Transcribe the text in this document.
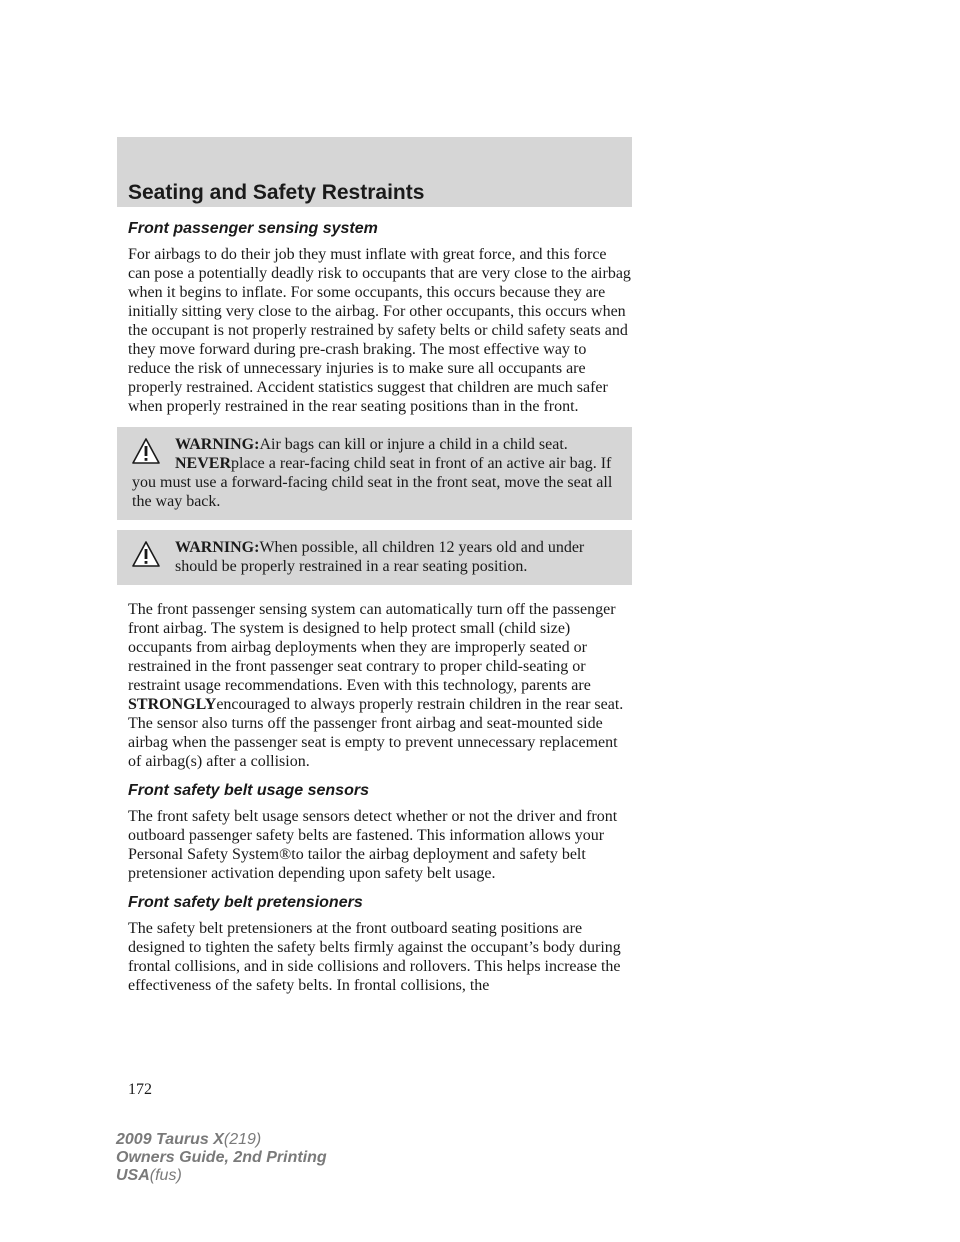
Seating and Safety Restraints
Front passenger sensing system

For airbags to do their job they must inflate with great force, and this force can pose a potentially deadly risk to occupants that are very close to the airbag when it begins to inflate. For some occupants, this occurs because they are initially sitting very close to the airbag. For other occupants, this occurs when the occupant is not properly restrained by safety belts or child safety seats and they move forward during pre-crash braking. The most effective way to reduce the risk of unnecessary injuries is to make sure all occupants are properly restrained. Accident statistics suggest that children are much safer when properly restrained in the rear seating positions than in the front.

WARNING:Air bags can kill or injure a child in a child seat.
NEVERplace a rear-facing child seat in front of an active air bag. If you must use a forward-facing child seat in the front seat, move the seat all the way back.
WARNING:When possible, all children 12 years old and under should be properly restrained in a rear seating position.

The front passenger sensing system can automatically turn off the passenger front airbag. The system is designed to help protect small (child size) occupants from airbag deployments when they are improperly seated or restrained in the front passenger seat contrary to proper child-seating or restraint usage recommendations. Even with this technology, parents are STRONGLYencouraged to always properly restrain children in the rear seat. The sensor also turns off the passenger front airbag and seat-mounted side airbag when the passenger seat is empty to prevent unnecessary replacement of airbag(s) after a collision.

Front safety belt usage sensors

The front safety belt usage sensors detect whether or not the driver and front outboard passenger safety belts are fastened. This information allows your Personal Safety System®to tailor the airbag deployment and safety belt pretensioner activation depending upon safety belt usage.

Front safety belt pretensioners

The safety belt pretensioners at the front outboard seating positions are designed to tighten the safety belts firmly against the occupant’s body during frontal collisions, and in side collisions and rollovers. This helps increase the effectiveness of the safety belts. In frontal collisions, the

172
2009 Taurus X(219)
Owners Guide, 2nd Printing
USA(fus)
